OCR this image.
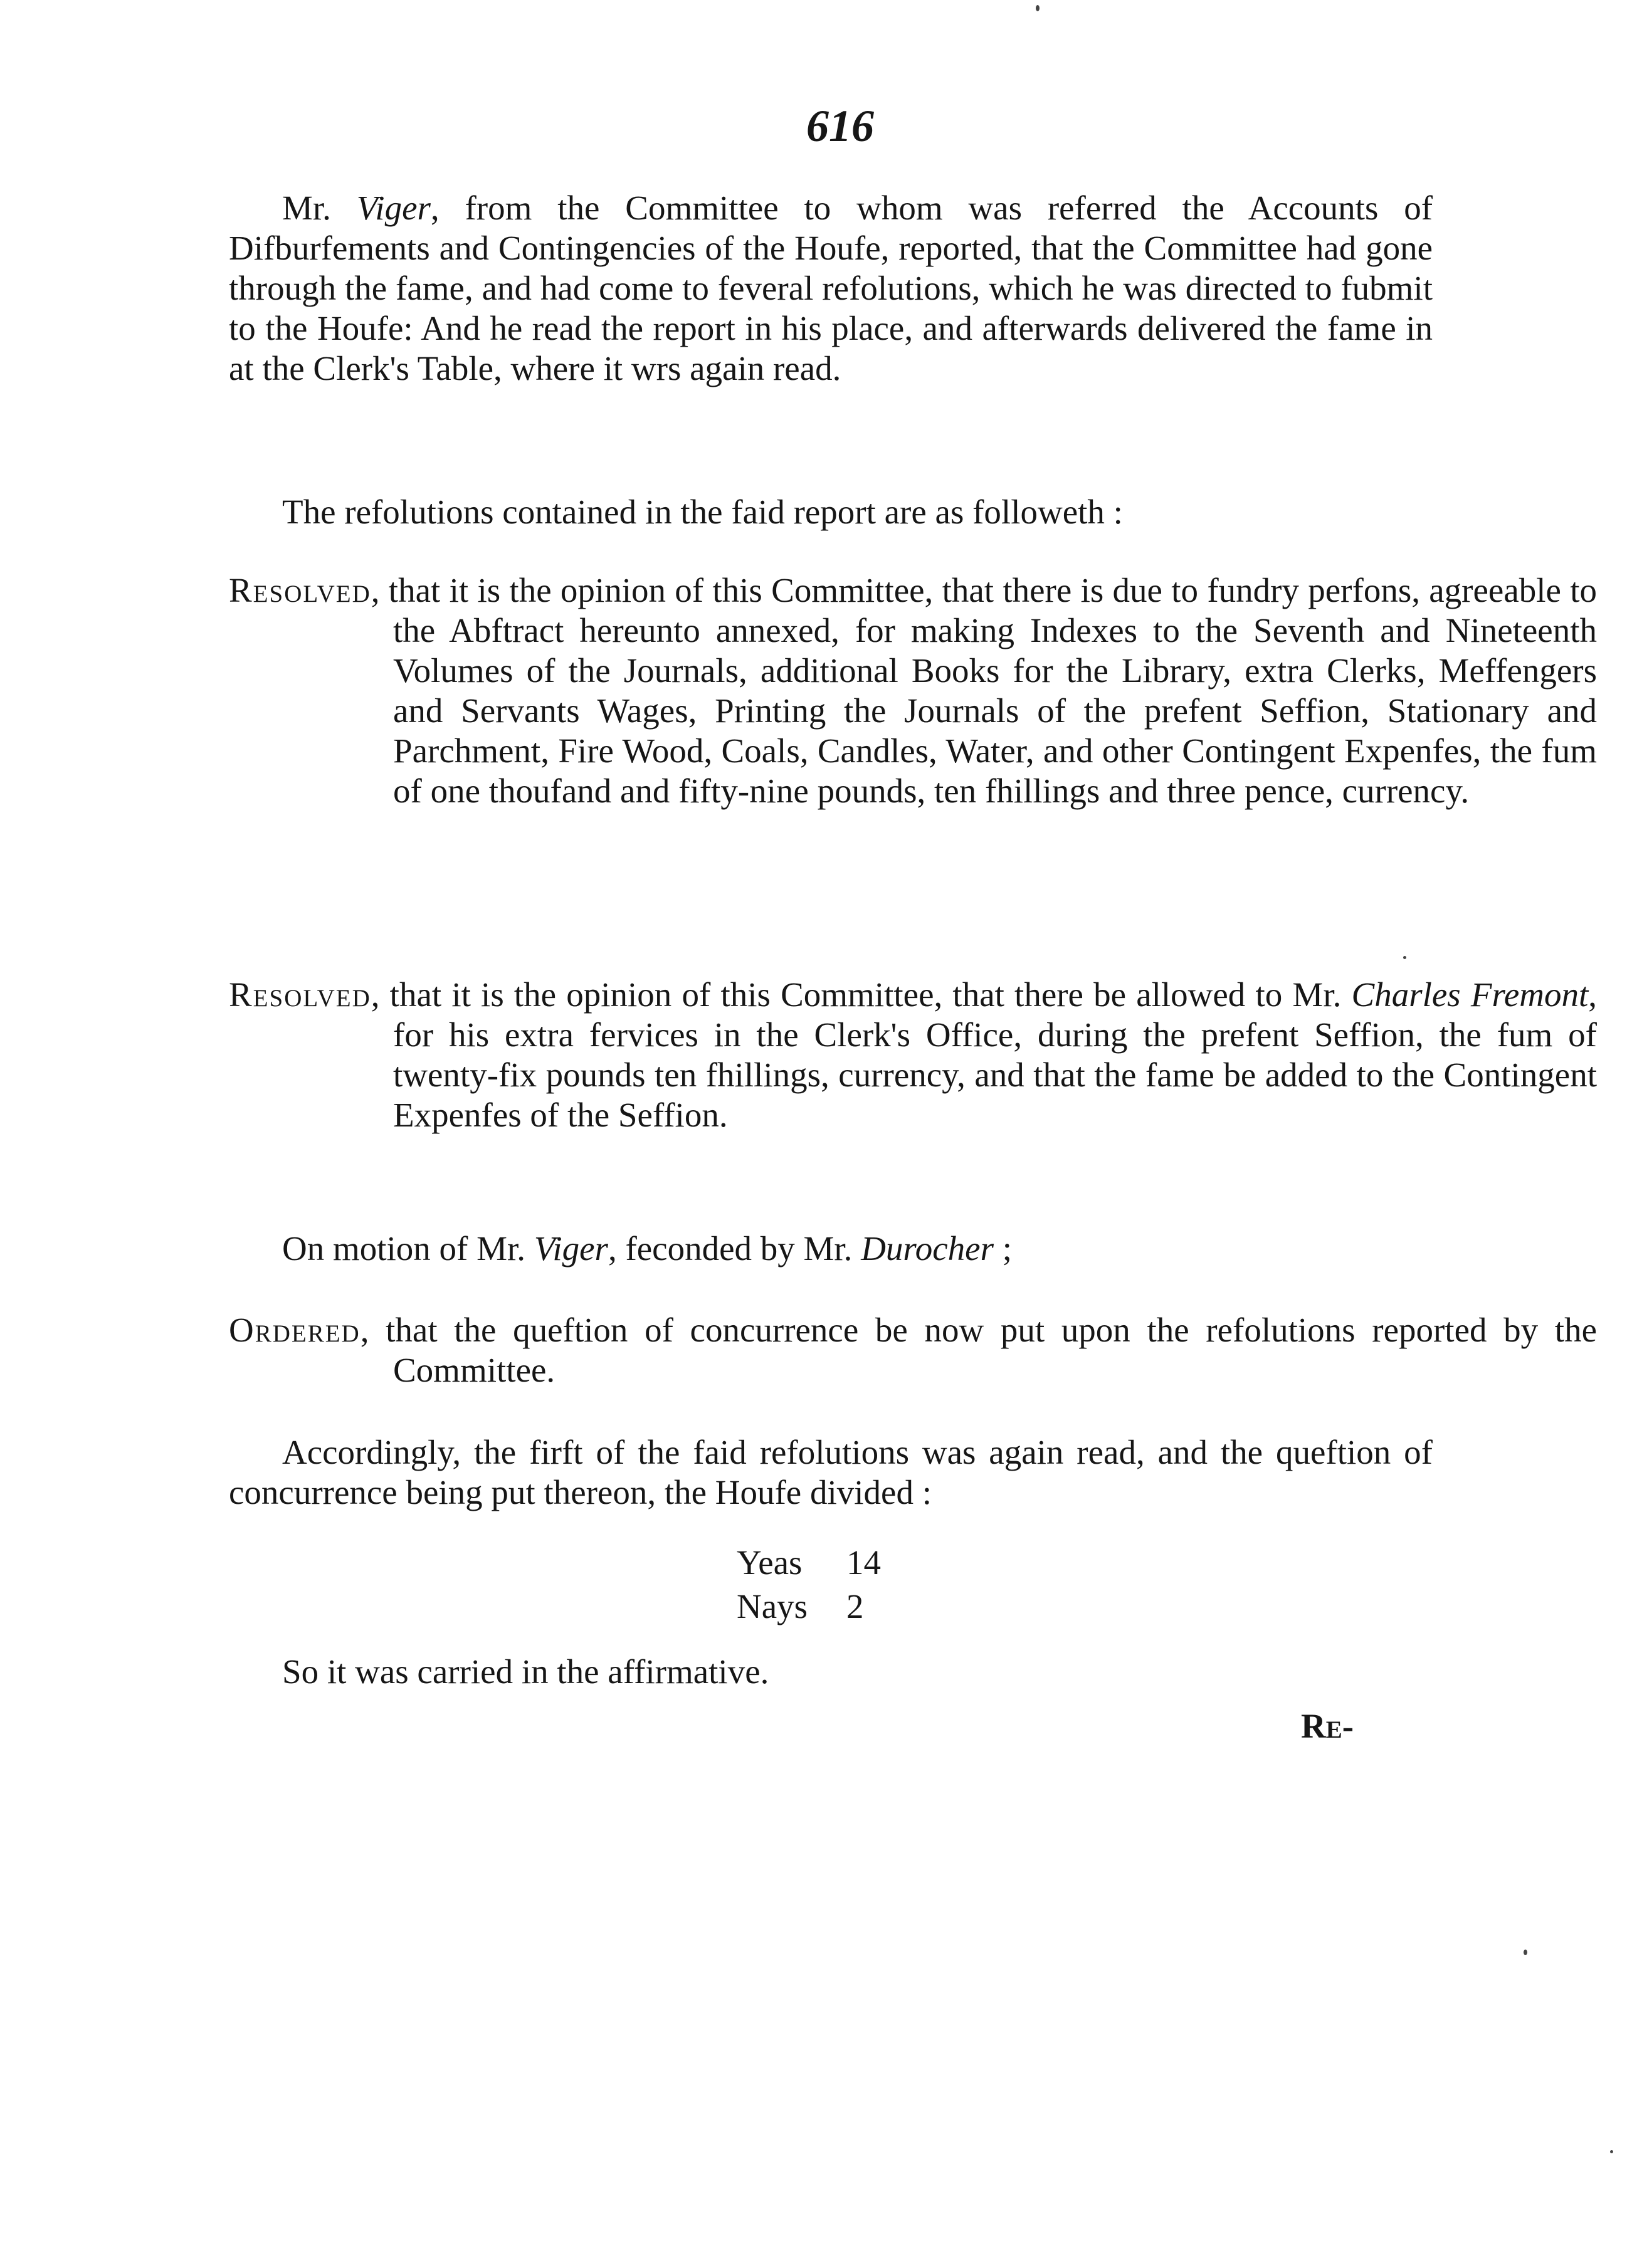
616

Mr. Viger, from the Committee to whom was referred the Accounts of Difburfements and Contingencies of the Houfe, reported, that the Committee had gone through the fame, and had come to feveral refolutions, which he was directed to fubmit to the Houfe: And he read the report in his place, and afterwards delivered the fame in at the Clerk's Table, where it wrs again read.

The refolutions contained in the faid report are as followeth :

Resolved, that it is the opinion of this Committee, that there is due to fundry perfons, agreeable to the Abftract hereunto annexed, for making Indexes to the Seventh and Nineteenth Volumes of the Journals, additional Books for the Library, extra Clerks, Meffengers and Servants Wages, Printing the Journals of the prefent Seffion, Stationary and Parchment, Fire Wood, Coals, Candles, Water, and other Contingent Expenfes, the fum of one thoufand and fifty-nine pounds, ten fhillings and three pence, currency.

Resolved, that it is the opinion of this Committee, that there be allowed to Mr. Charles Fremont, for his extra fervices in the Clerk's Office, during the prefent Seffion, the fum of twenty-fix pounds ten fhillings, currency, and that the fame be added to the Contingent Expenfes of the Seffion.

On motion of Mr. Viger, feconded by Mr. Durocher ;

Ordered, that the queftion of concurrence be now put upon the refolutions reported by the Committee.

Accordingly, the firft of the faid refolutions was again read, and the queftion of concurrence being put thereon, the Houfe divided :

Yeas	14
Nays	2

So it was carried in the affirmative.

Re-
